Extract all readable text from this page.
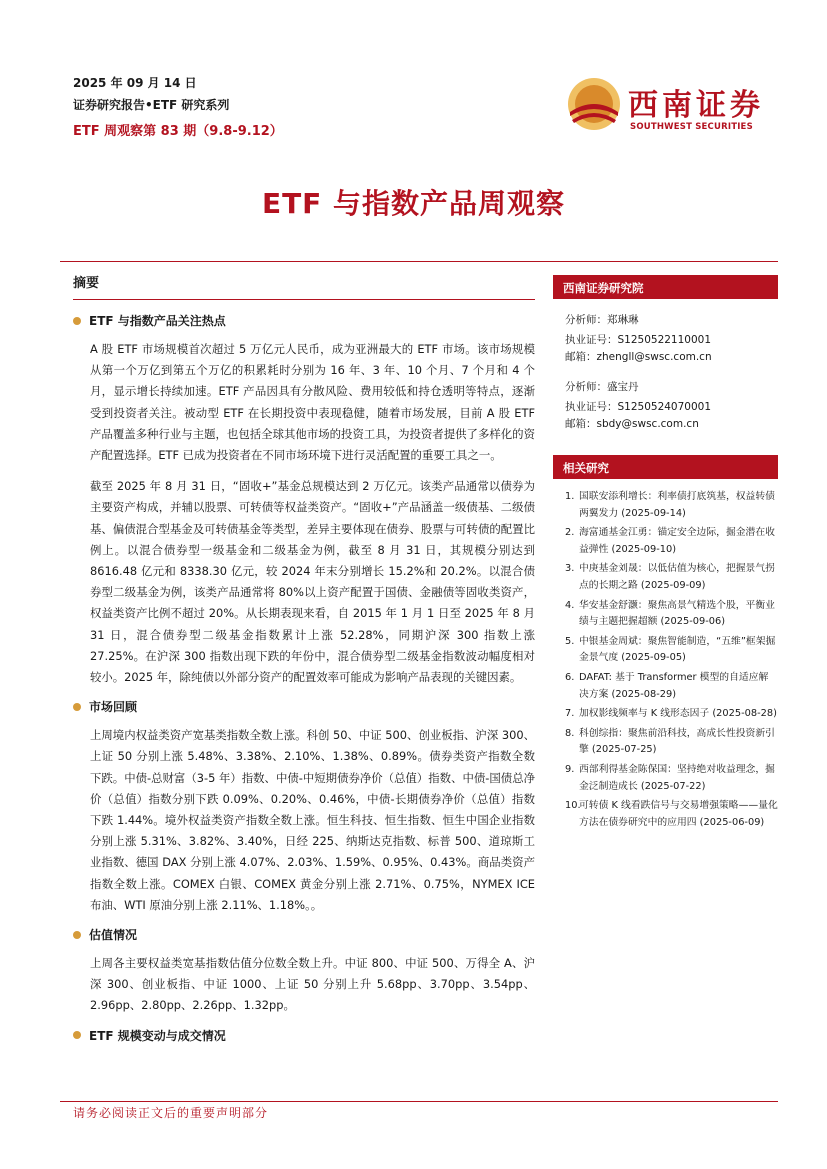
2025 年 09 月 14 日
证券研究报告•ETF 研究系列
ETF 周观察第 83 期（9.8-9.12）
西南证券
SOUTHWEST SECURITIES
ETF 与指数产品周观察
摘要
ETF 与指数产品关注热点

A 股 ETF 市场规模首次超过 5 万亿元人民币，成为亚洲最大的 ETF 市场。该市场规模从第一个万亿到第五个万亿的积累耗时分别为 16 年、3 年、10 个月、7 个月和 4 个月，显示增长持续加速。ETF 产品因具有分散风险、费用较低和持仓透明等特点，逐渐受到投资者关注。被动型 ETF 在长期投资中表现稳健，随着市场发展，目前 A 股 ETF 产品覆盖多种行业与主题，也包括全球其他市场的投资工具，为投资者提供了多样化的资产配置选择。ETF 已成为投资者在不同市场环境下进行灵活配置的重要工具之一。

截至 2025 年 8 月 31 日，“固收+”基金总规模达到 2 万亿元。该类产品通常以债券为主要资产构成，并辅以股票、可转债等权益类资产。“固收+”产品涵盖一级债基、二级债基、偏债混合型基金及可转债基金等类型，差异主要体现在债券、股票与可转债的配置比例上。以混合债券型一级基金和二级基金为例，截至 8 月 31 日，其规模分别达到 8616.48 亿元和 8338.30 亿元，较 2024 年末分别增长 15.2%和 20.2%。以混合债券型二级基金为例，该类产品通常将 80%以上资产配置于国债、金融债等固收类资产，权益类资产比例不超过 20%。从长期表现来看，自 2015 年 1 月 1 日至 2025 年 8 月 31 日，混合债券型二级基金指数累计上涨 52.28%，同期沪深 300 指数上涨 27.25%。在沪深 300 指数出现下跌的年份中，混合债券型二级基金指数波动幅度相对较小。2025 年，除纯债以外部分资产的配置效率可能成为影响产品表现的关键因素。

市场回顾

上周境内权益类资产宽基类指数全数上涨。科创 50、中证 500、创业板指、沪深 300、上证 50 分别上涨 5.48%、3.38%、2.10%、1.38%、0.89%。债券类资产指数全数下跌。中债-总财富（3-5 年）指数、中债-中短期债券净价（总值）指数、中债-国债总净价（总值）指数分别下跌 0.09%、0.20%、0.46%，中债-长期债券净价（总值）指数下跌 1.44%。境外权益类资产指数全数上涨。恒生科技、恒生指数、恒生中国企业指数分别上涨 5.31%、3.82%、3.40%，日经 225、纳斯达克指数、标普 500、道琼斯工业指数、德国 DAX 分别上涨 4.07%、2.03%、1.59%、0.95%、0.43%。商品类资产指数全数上涨。COMEX 白银、COMEX 黄金分别上涨 2.71%、0.75%，NYMEX ICE 布油、WTI 原油分别上涨 2.11%、1.18%。。

估值情况

上周各主要权益类宽基指数估值分位数全数上升。中证 800、中证 500、万得全 A、沪深 300、创业板指、中证 1000、上证 50 分别上升 5.68pp、3.70pp、3.54pp、2.96pp、2.80pp、2.26pp、1.32pp。

ETF 规模变动与成交情况
西南证券研究院
分析师：郑琳琳
执业证号：S1250522110001
邮箱：zhengll@swsc.com.cn
分析师：盛宝丹
执业证号：S1250524070001
邮箱：sbdy@swsc.com.cn
相关研究
1. 国联安添利增长：利率债打底筑基，权益转债两翼发力 (2025-09-14)
2. 海富通基金江勇：锚定安全边际，掘金潜在收益弹性 (2025-09-10)
3. 中庚基金刘晟：以低估值为核心，把握景气拐点的长期之路 (2025-09-09)
4. 华安基金舒灏：聚焦高景气精选个股，平衡业绩与主题把握超额 (2025-09-06)
5. 中银基金周斌：聚焦智能制造，“五维”框架掘金景气度 (2025-09-05)
6. DAFAT: 基于 Transformer 模型的自适应解决方案 (2025-08-29)
7. 加权影线频率与 K 线形态因子 (2025-08-28)
8. 科创综指：聚焦前沿科技，高成长性投资新引擎 (2025-07-25)
9. 西部利得基金陈保国：坚持绝对收益理念，掘金泛制造成长 (2025-07-22)
10.
可转债 K 线看跌信号与交易增强策略——量化方法在债券研究中的应用四 (2025-06-09)
请务必阅读正文后的重要声明部分
